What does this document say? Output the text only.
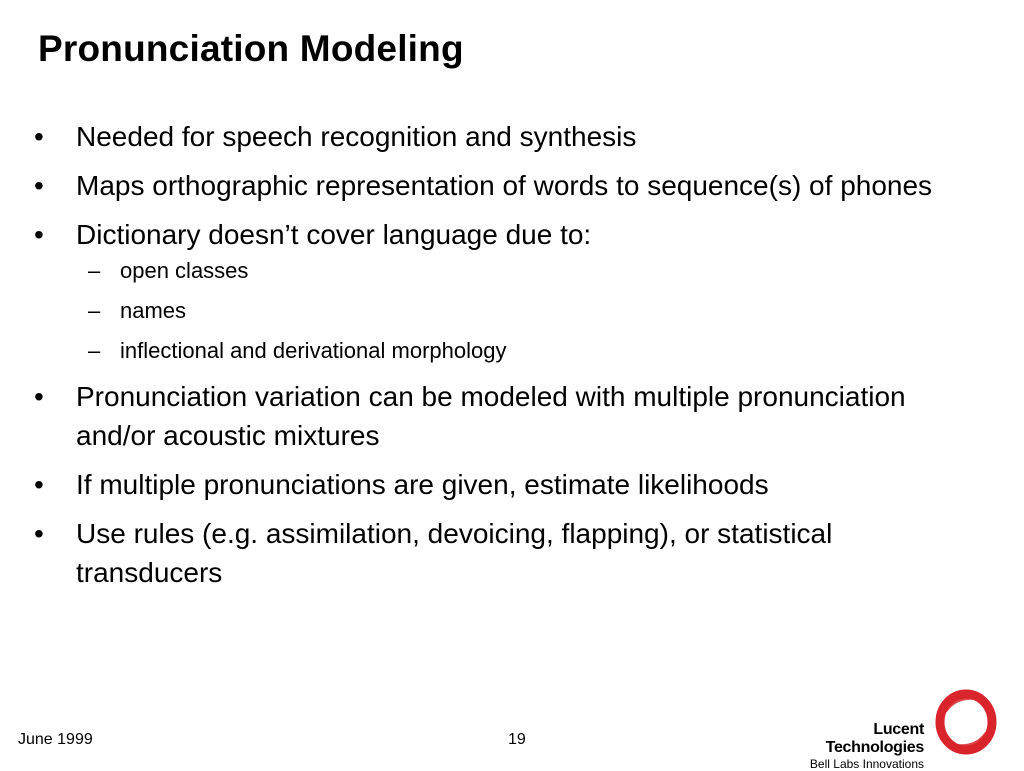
Pronunciation Modeling
• Needed for speech recognition and synthesis
• Maps orthographic representation of words to sequence(s) of phones
• Dictionary doesn’t cover language due to:
– open classes
– names
– inflectional and derivational morphology
• Pronunciation variation can be modeled with multiple pronunciation and/or acoustic mixtures
• If multiple pronunciations are given, estimate likelihoods
• Use rules (e.g. assimilation, devoicing, flapping), or statistical transducers
June 1999	19
Lucent Technologies
Bell Labs Innovations
